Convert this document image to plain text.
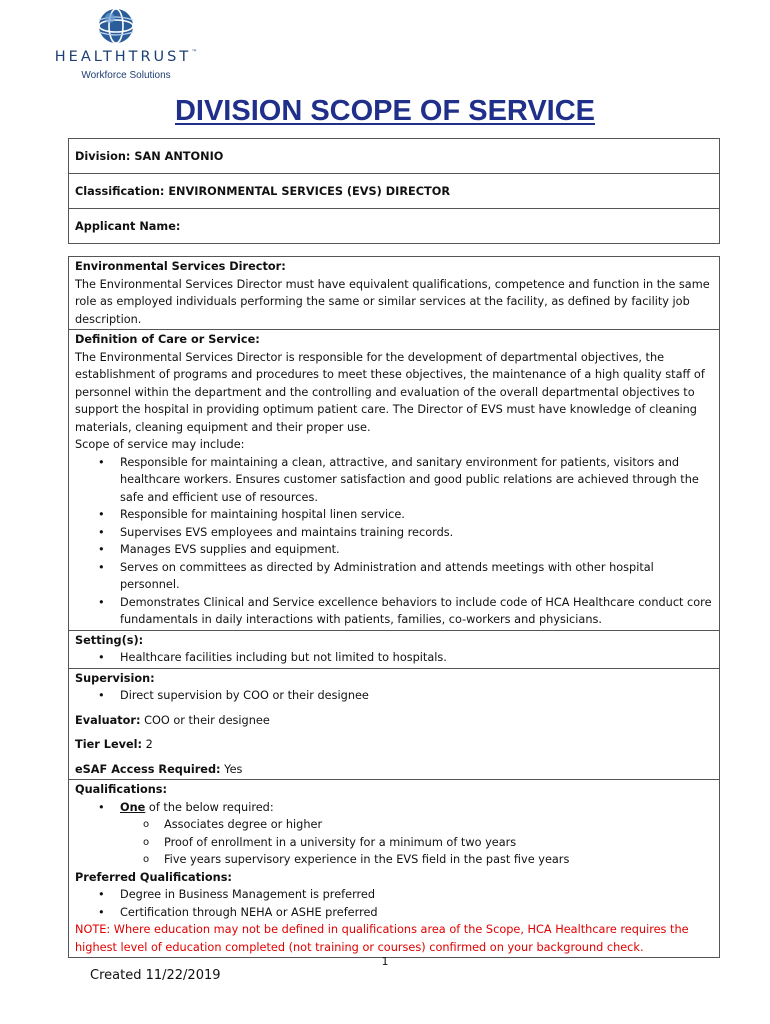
HEALTHTRUST™
Workforce Solutions
DIVISION SCOPE OF SERVICE
Division: SAN ANTONIO
Classification: ENVIRONMENTAL SERVICES (EVS) DIRECTOR
Applicant Name:
Environmental Services Director:
The Environmental Services Director must have equivalent qualifications, competence and function in the same role as employed individuals performing the same or similar services at the facility, as defined by facility job description.
Definition of Care or Service:
The Environmental Services Director is responsible for the development of departmental objectives, the establishment of programs and procedures to meet these objectives, the maintenance of a high quality staff of personnel within the department and the controlling and evaluation of the overall departmental objectives to support the hospital in providing optimum patient care. The Director of EVS must have knowledge of cleaning materials, cleaning equipment and their proper use.
Scope of service may include:
• Responsible for maintaining a clean, attractive, and sanitary environment for patients, visitors and healthcare workers. Ensures customer satisfaction and good public relations are achieved through the safe and efficient use of resources.
• Responsible for maintaining hospital linen service.
• Supervises EVS employees and maintains training records.
• Manages EVS supplies and equipment.
• Serves on committees as directed by Administration and attends meetings with other hospital personnel.
• Demonstrates Clinical and Service excellence behaviors to include code of HCA Healthcare conduct core fundamentals in daily interactions with patients, families, co-workers and physicians.
Setting(s):
• Healthcare facilities including but not limited to hospitals.
Supervision:
• Direct supervision by COO or their designee
Evaluator: COO or their designee
Tier Level: 2
eSAF Access Required: Yes
Qualifications:
• One of the below required:
o Associates degree or higher
o Proof of enrollment in a university for a minimum of two years
o Five years supervisory experience in the EVS field in the past five years
Preferred Qualifications:
• Degree in Business Management is preferred
• Certification through NEHA or ASHE preferred
NOTE: Where education may not be defined in qualifications area of the Scope, HCA Healthcare requires the highest level of education completed (not training or courses) confirmed on your background check.
1
Created 11/22/2019
